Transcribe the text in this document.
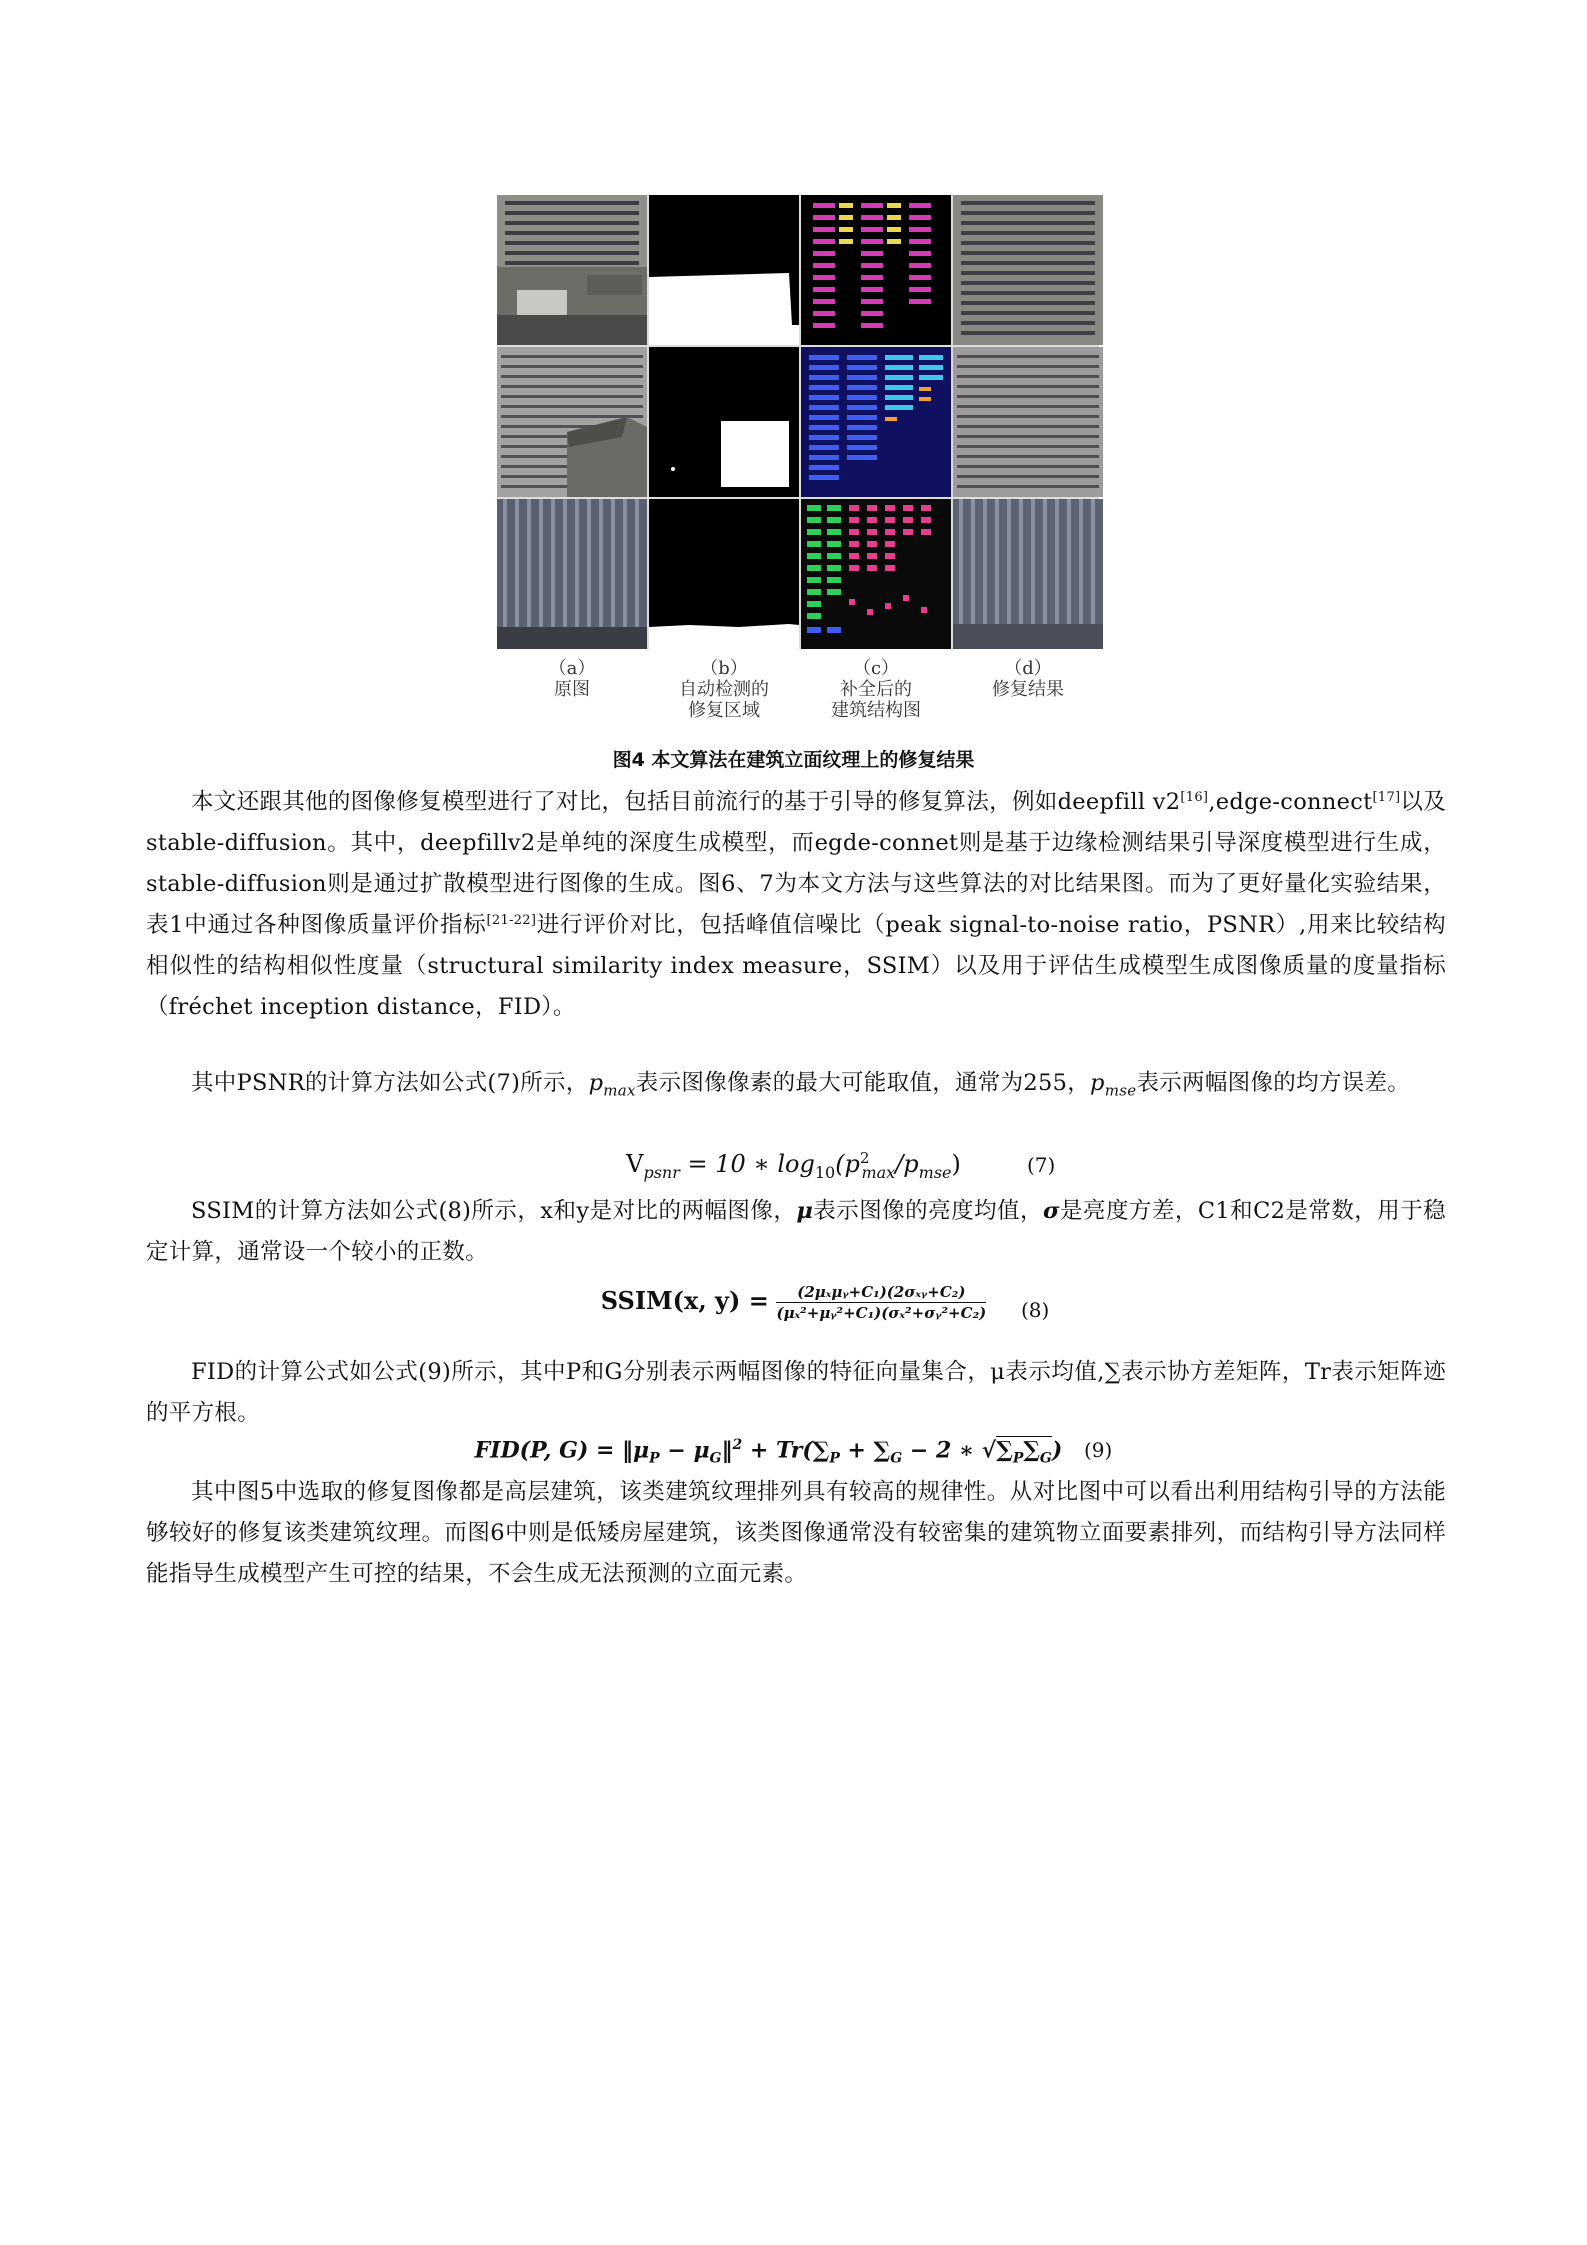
（a）
原图
（b）
自动检测的
修复区域
（c）
补全后的
建筑结构图
（d）
修复结果
图4 本文算法在建筑立面纹理上的修复结果
本文还跟其他的图像修复模型进行了对比，包括目前流行的基于引导的修复算法，例如deepfill v2[16],edge-connect[17]以及stable-diffusion。其中，deepfillv2是单纯的深度生成模型，而egde-connet则是基于边缘检测结果引导深度模型进行生成，stable-diffusion则是通过扩散模型进行图像的生成。图6、7为本文方法与这些算法的对比结果图。而为了更好量化实验结果，表1中通过各种图像质量评价指标[21-22]进行评价对比，包括峰值信噪比（peak signal-to-noise ratio，PSNR）,用来比较结构相似性的结构相似性度量（structural similarity index measure，SSIM）以及用于评估生成模型生成图像质量的度量指标（fréchet inception distance，FID）。
其中PSNR的计算方法如公式(7)所示，$p_{max}$表示图像像素的最大可能取值，通常为255，$p_{mse}$表示两幅图像的均方误差。
$V_{psnr} = 10$ ∗ $\log_{10}(p^2_{max}/p_{mse})$	(7)
SSIM的计算方法如公式(8)所示，x和y是对比的两幅图像，μ表示图像的亮度均值，σ是亮度方差，C1和C2是常数，用于稳定计算，通常设一个较小的正数。
SSIM(x, $y) = \frac{\text{(2μₓμᵧ+C₁)(2σₓᵧ+C₂)}}{\text{(μₓ²+μᵧ²+C₁)(σₓ²+σᵧ²+C₂)}} (8)$
FID的计算公式如公式(9)所示，其中P和G分别表示两幅图像的特征向量集合，μ表示均值,∑表示协方差矩阵，Tr表示矩阵迹的平方根。
FID(P, $G) = ‖\mu_P$ − $\mu_G‖^2 + Tr(\sum_P + \sum_G - 2$ ∗ $√\sum_P\sum_G$) (9)
其中图5中选取的修复图像都是高层建筑，该类建筑纹理排列具有较高的规律性。从对比图中可以看出利用结构引导的方法能够较好的修复该类建筑纹理。而图6中则是低矮房屋建筑，该类图像通常没有较密集的建筑物立面要素排列，而结构引导方法同样能指导生成模型产生可控的结果，不会生成无法预测的立面元素。
